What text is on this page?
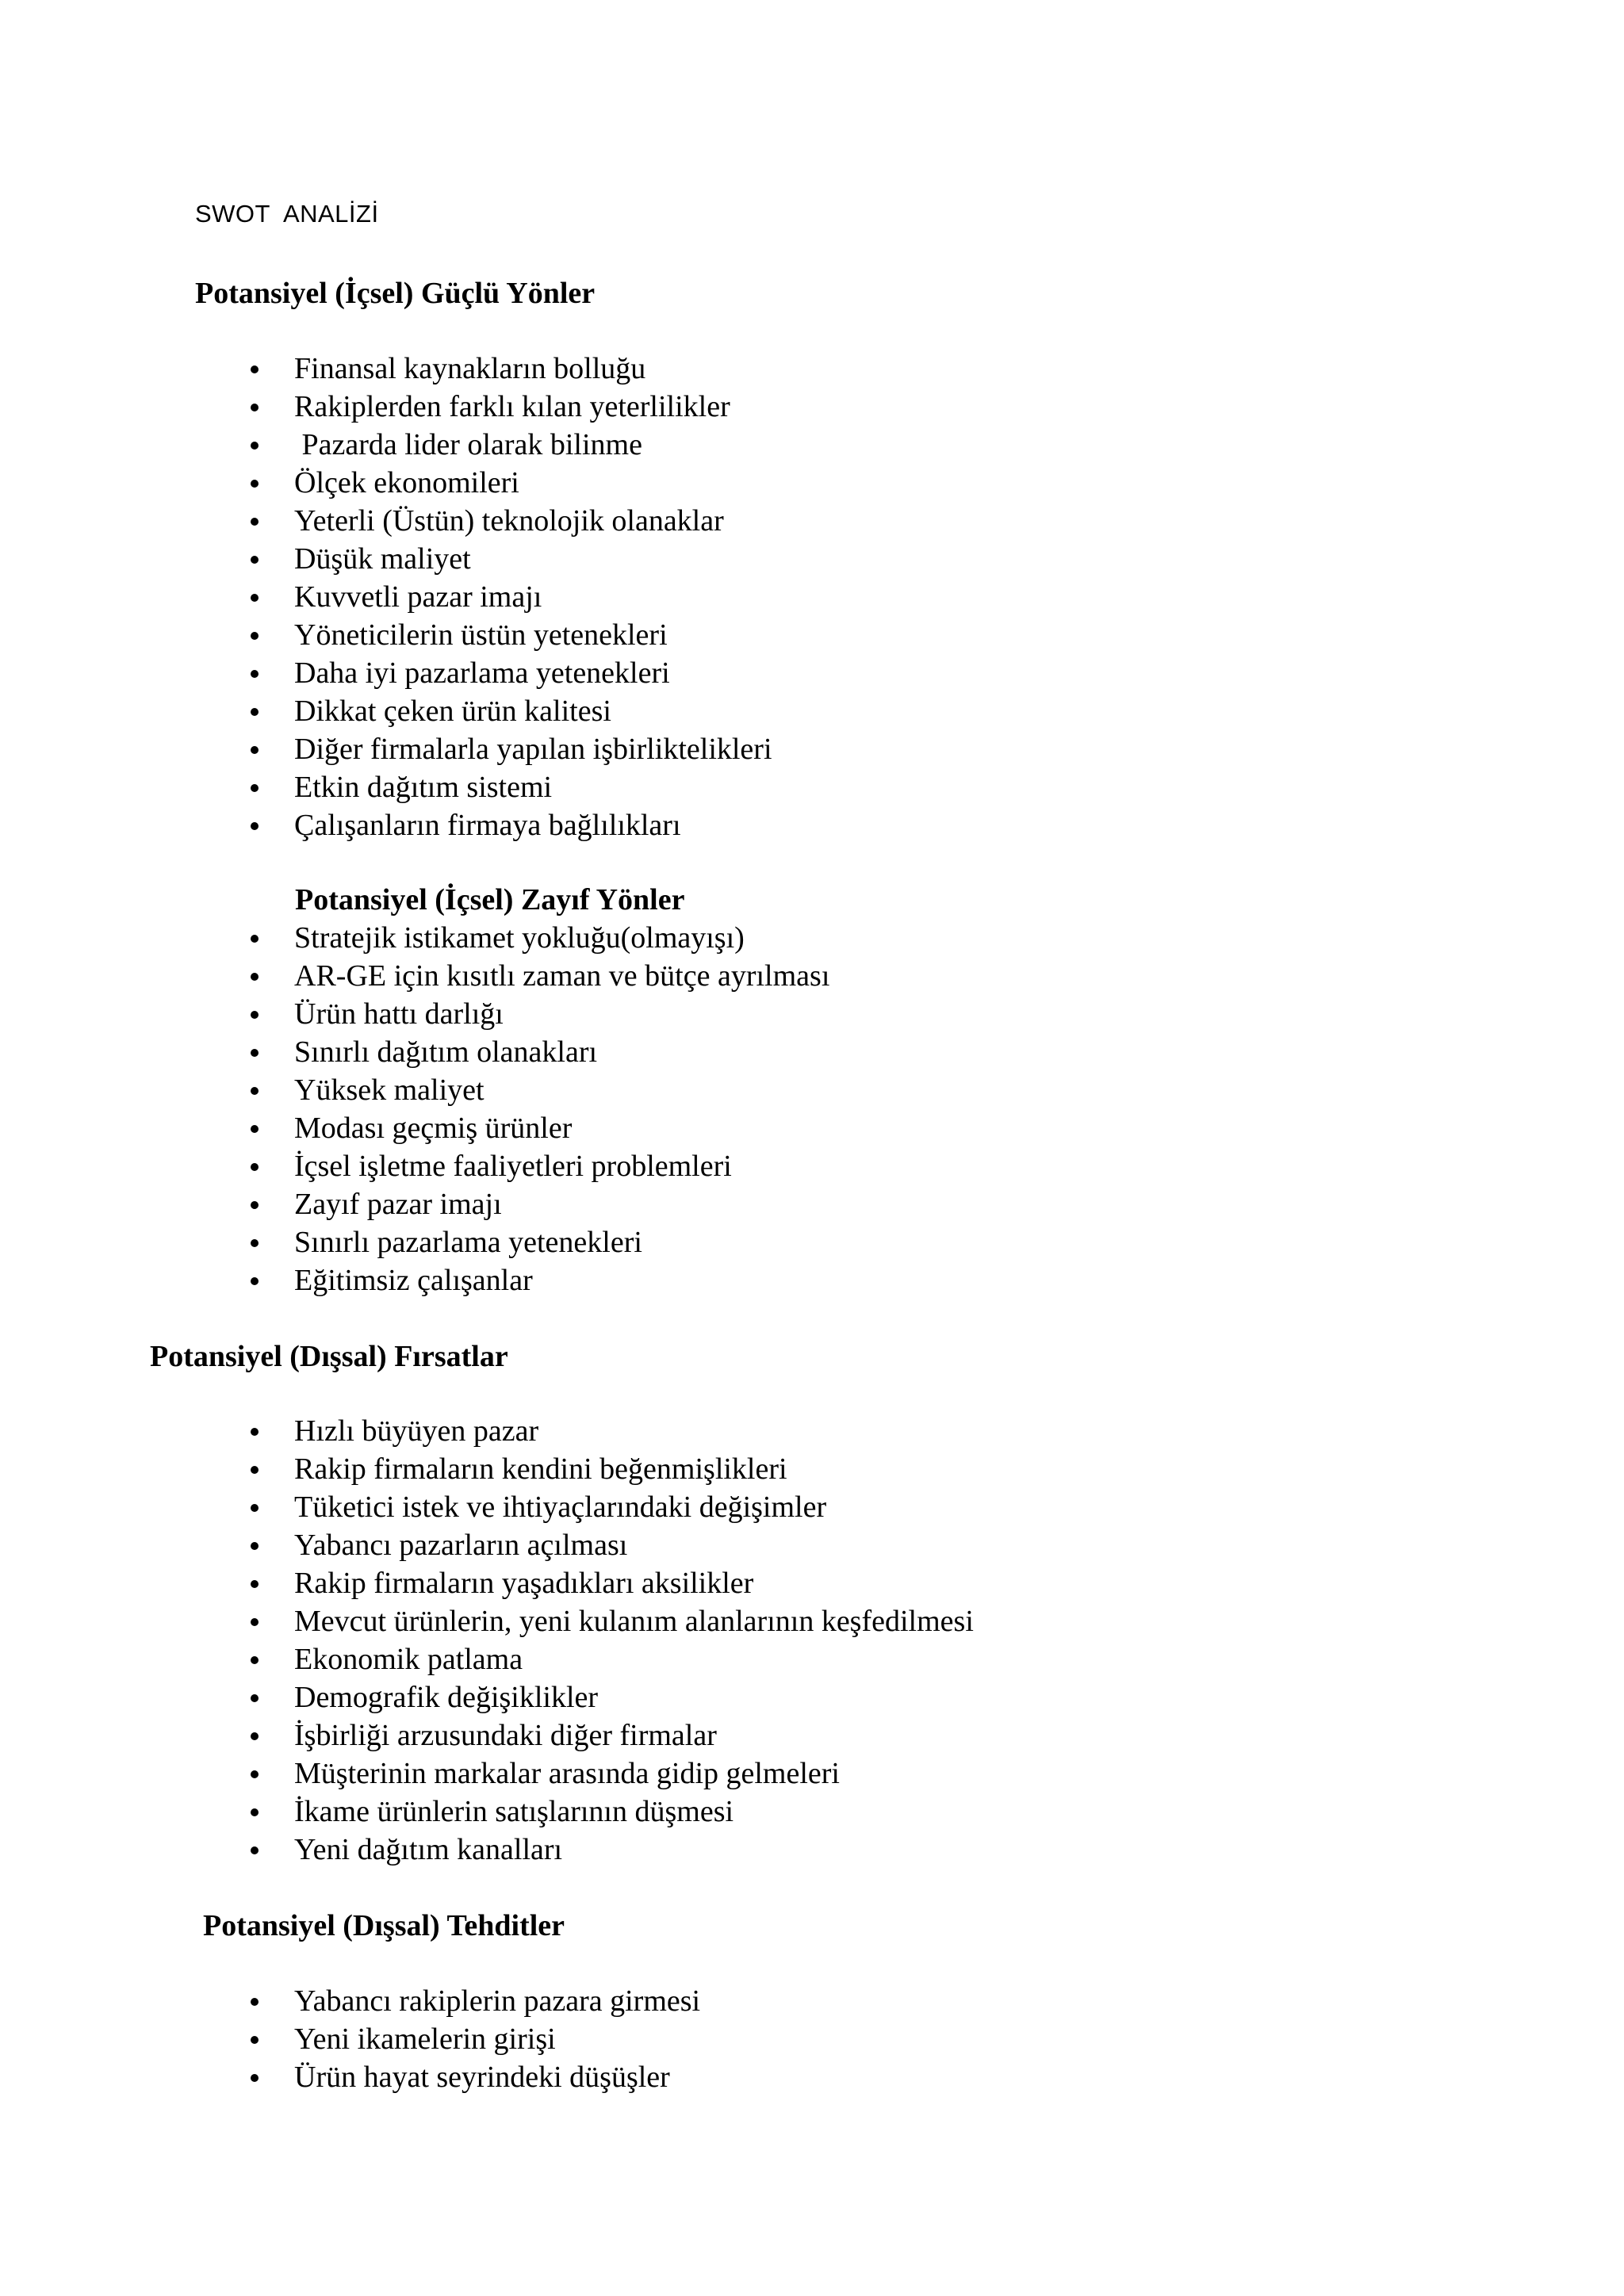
SWOT  ANALİZİ
Potansiyel (İçsel) Güçlü Yönler
Finansal kaynakların bolluğu
Rakiplerden farklı kılan yeterlilikler
Pazarda lider olarak bilinme
Ölçek ekonomileri
Yeterli (Üstün) teknolojik olanaklar
Düşük maliyet
Kuvvetli pazar imajı
Yöneticilerin üstün yetenekleri
Daha iyi pazarlama yetenekleri
Dikkat çeken ürün kalitesi
Diğer firmalarla yapılan işbirliktelikleri
Etkin dağıtım sistemi
Çalışanların firmaya bağlılıkları
Potansiyel (İçsel) Zayıf Yönler
Stratejik istikamet yokluğu(olmayışı)
AR-GE için kısıtlı zaman ve bütçe ayrılması
Ürün hattı darlığı
Sınırlı dağıtım olanakları
Yüksek maliyet
Modası geçmiş ürünler
İçsel işletme faaliyetleri problemleri
Zayıf pazar imajı
Sınırlı pazarlama yetenekleri
Eğitimsiz çalışanlar
Potansiyel (Dışsal) Fırsatlar
Hızlı büyüyen pazar
Rakip firmaların kendini beğenmişlikleri
Tüketici istek ve ihtiyaçlarındaki değişimler
Yabancı pazarların açılması
Rakip firmaların yaşadıkları aksilikler
Mevcut ürünlerin, yeni kulanım alanlarının keşfedilmesi
Ekonomik patlama
Demografik değişiklikler
İşbirliği arzusundaki diğer firmalar
Müşterinin markalar arasında gidip gelmeleri
İkame ürünlerin satışlarının düşmesi
Yeni dağıtım kanalları
Potansiyel (Dışsal) Tehditler
Yabancı rakiplerin pazara girmesi
Yeni ikamelerin girişi
Ürün hayat seyrindeki düşüşler
